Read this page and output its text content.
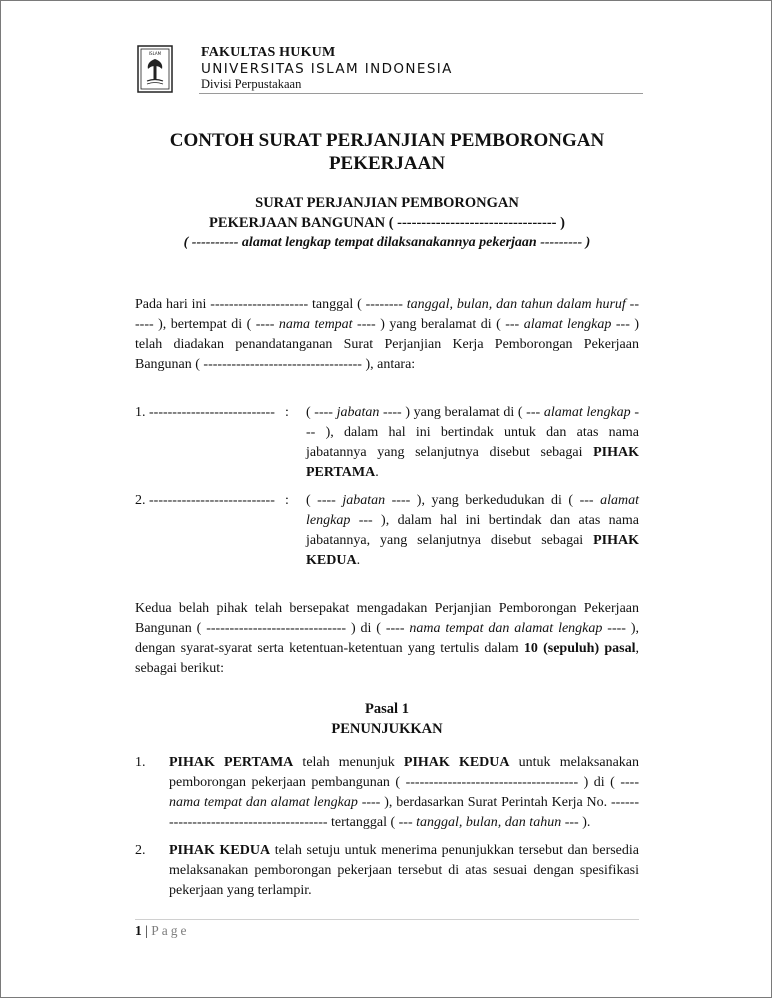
ISLAM	FAKULTAS HUKUM
UNIVERSITAS ISLAM INDONESIA
Divisi Perpustakaan
CONTOH SURAT PERJANJIAN PEMBORONGAN
PEKERJAAN
SURAT PERJANJIAN PEMBORONGAN
PEKERJAAN BANGUNAN ( --------------------------------- )
( ---------- alamat lengkap tempat dilaksanakannya pekerjaan --------- )
Pada hari ini --------------------- tanggal ( -------- tanggal, bulan, dan tahun dalam huruf ------ ), bertempat di ( ---- nama tempat ---- ) yang beralamat di ( --- alamat lengkap --- ) telah diadakan penandatanganan Surat Perjanjian Kerja Pemborongan Pekerjaan Bangunan ( ---------------------------------- ), antara:
1. --------------------------- : ( ---- jabatan ---- ) yang beralamat di ( --- alamat lengkap --- ), dalam hal ini bertindak untuk dan atas nama jabatannya yang selanjutnya disebut sebagai PIHAK PERTAMA.
2. --------------------------- : ( ---- jabatan ---- ), yang berkedudukan di ( --- alamat lengkap --- ), dalam hal ini bertindak dan atas nama jabatannya, yang selanjutnya disebut sebagai PIHAK KEDUA.
Kedua belah pihak telah bersepakat mengadakan Perjanjian Pemborongan Pekerjaan Bangunan ( ------------------------------ ) di ( ---- nama tempat dan alamat lengkap ---- ), dengan syarat-syarat serta ketentuan-ketentuan yang tertulis dalam 10 (sepuluh) pasal, sebagai berikut:
Pasal 1
PENUNJUKKAN
1. PIHAK PERTAMA telah menunjuk PIHAK KEDUA untuk melaksanakan pemborongan pekerjaan pembangunan ( ------------------------------------- ) di ( ---- nama tempat dan alamat lengkap ---- ), berdasarkan Surat Perintah Kerja No. ---------------------------------------- tertanggal ( --- tanggal, bulan, dan tahun --- ).
2. PIHAK KEDUA telah setuju untuk menerima penunjukkan tersebut dan bersedia melaksanakan pemborongan pekerjaan tersebut di atas sesuai dengan spesifikasi pekerjaan yang terlampir.
1 | Page
